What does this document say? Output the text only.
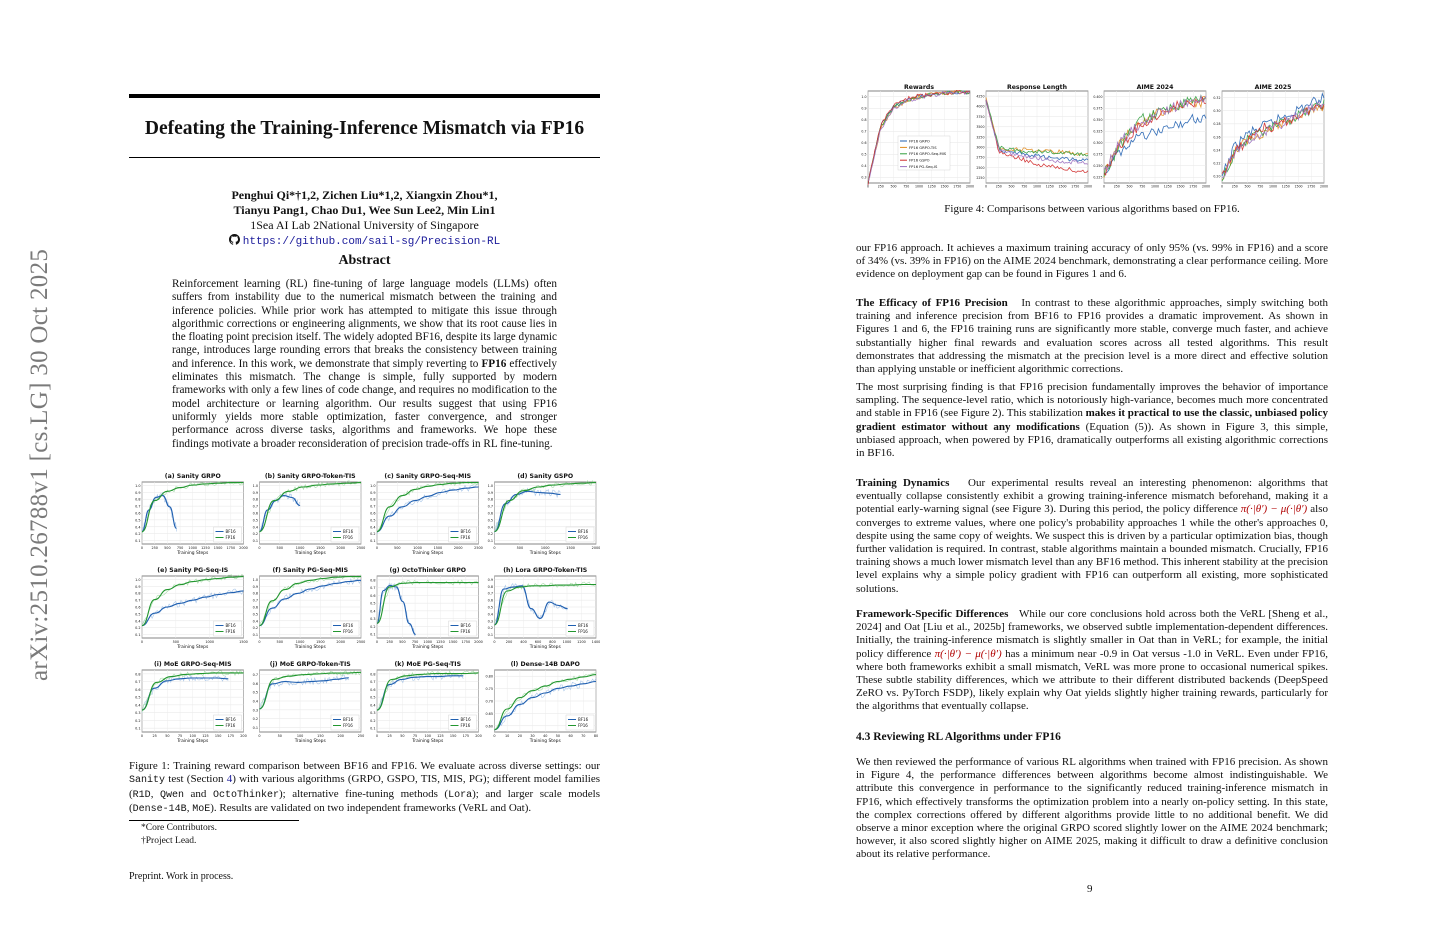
arXiv:2510.26788v1 [cs.LG] 30 Oct 2025
Defeating the Training-Inference Mismatch via FP16
Penghui Qi*†1,2, Zichen Liu*1,2, Xiangxin Zhou*1,
Tianyu Pang1, Chao Du1, Wee Sun Lee2, Min Lin1
1Sea AI Lab 2National University of Singapore
https://github.com/sail-sg/Precision-RL
Abstract
Reinforcement learning (RL) fine-tuning of large language models (LLMs) often suffers from instability due to the numerical mismatch between the training and inference policies. While prior work has attempted to mitigate this issue through algorithmic corrections or engineering alignments, we show that its root cause lies in the floating point precision itself. The widely adopted BF16, despite its large dynamic range, introduces large rounding errors that breaks the consistency between training and inference. In this work, we demonstrate that simply reverting to FP16 effectively eliminates this mismatch. The change is simple, fully supported by modern frameworks with only a few lines of code change, and requires no modification to the model architecture or learning algorithm. Our results suggest that using FP16 uniformly yields more stable optimization, faster convergence, and stronger performance across diverse tasks, algorithms and frameworks. We hope these findings motivate a broader reconsideration of precision trade-offs in RL fine-tuning.
(a) Sanity GRPO
0.1
0.2
0.4
0.5
0.6
0.7
0.8
0.9
1.0
0 250 500 750 1000 1250 1500 1750 2000
Training Steps
BF16
FP16
(b) Sanity GRPO-Token-TIS
0.1
0.2
0.4
0.5
0.6
0.7
0.8
0.9
1.0
0	500	1000	1500	2000	2500
Training Steps
BF16
FP16
(c) Sanity GRPO-Seq-MIS
0.1
0.2
0.4
0.5
0.6
0.7
0.8
0.9
1.0
0	500	1000	1500	2000	2500
Training Steps
BF16
FP16
(d) Sanity GSPO
0.1
0.2
0.4
0.5
0.6
0.7
0.8
0.9
1.0
0	500	1000	1500	2000
Training Steps
BF16
FP16
(e) Sanity PG-Seq-IS
0.1
0.2
0.4
0.5
0.6
0.7
0.8
0.9
1.0
0	500	1000	1500
Training Steps
BF16
FP16
(f) Sanity PG-Seq-MIS
0.1
0.2
0.4
0.5
0.6
0.7
0.8
0.9
1.0
0	500	1000	1500	2000	2500
Training Steps
BF16
FP16
(g) OctoThinker GRPO
0.1
0.2
0.3
0.4
0.5
0.6
0.7
0.8
0 250 500 750 1000 1250 1500 1750 2000
Training Steps
BF16
FP16
(h) Lora GRPO-Token-TIS
0.1
0.2
0.3
0.4
0.5
0.6
0.7
0.8
0.9
0	200 400 600 800 1000 1200 1400
Training Steps
BF16
FP16
(i) MoE GRPO-Seq-MIS
0.1
0.2
0.3
0.4
0.5
0.6
0.7
0.8
0	25 50 75 100 125 150 175 200
Training Steps
BF16
FP16
(j) MoE GRPO-Token-TIS
0.1
0.2
0.3
0.4
0.5
0.6
0.7
0	50	100	150	200	250
Training Steps
BF16
FP16
(k) MoE PG-Seq-TIS
0.1
0.2
0.3
0.4
0.5
0.6
0.7
0.8
0	25 50 75 100 125 150 175 200
Training Steps
BF16
FP16
(l) Dense-14B DAPO
0.60
0.65
0.70
0.75
0.80
0	10 20 30 40 50 60 70 80
Training Steps
BF16
FP16
Figure 1: Training reward comparison between BF16 and FP16. We evaluate across diverse settings: our Sanity test (Section 4) with various algorithms (GRPO, GSPO, TIS, MIS, PG); different model families (R1D, Qwen and OctoThinker); alternative fine-tuning methods (Lora); and larger scale models (Dense-14B, MoE). Results are validated on two independent frameworks (VeRL and Oat).
*Core Contributors.
†Project Lead.
Preprint. Work in process.
Rewards
0.3
0.4
0.5
0.6
0.7
0.8
0.9
1.0
0	250 500 750 1000 1250 1500 1750 2000
FP16 GRPO
FP16 GRPO-TIS
FP16 GRPO-Seq-MIS
FP16 GSPO
FP16 PG-Seq-IS
Response Length
2250
2500
2750
3000
3250
3500
3750
4000
4250
0	250 500 750 1000 1250 1500 1750 2000
AIME 2024
0.225
0.250
0.275
0.300
0.325
0.350
0.375
0.400
0	250 500 750 1000 1250 1500 1750 2000
AIME 2025
0.20
0.22
0.24
0.26
0.28
0.30
0.32
0	250 500 750 1000 1250 1500 1750 2000
Figure 4: Comparisons between various algorithms based on FP16.
our FP16 approach. It achieves a maximum training accuracy of only 95% (vs. 99% in FP16) and a score of 34% (vs. 39% in FP16) on the AIME 2024 benchmark, demonstrating a clear performance ceiling. More evidence on deployment gap can be found in Figures 1 and 6.
The Efficacy of FP16 Precision In contrast to these algorithmic approaches, simply switching both training and inference precision from BF16 to FP16 provides a dramatic improvement. As shown in Figures 1 and 6, the FP16 training runs are significantly more stable, converge much faster, and achieve substantially higher final rewards and evaluation scores across all tested algorithms. This result demonstrates that addressing the mismatch at the precision level is a more direct and effective solution than applying unstable or inefficient algorithmic corrections.
The most surprising finding is that FP16 precision fundamentally improves the behavior of importance sampling. The sequence-level ratio, which is notoriously high-variance, becomes much more concentrated and stable in FP16 (see Figure 2). This stabilization makes it practical to use the classic, unbiased policy gradient estimator without any modifications (Equation (5)). As shown in Figure 3, this simple, unbiased approach, when powered by FP16, dramatically outperforms all existing algorithmic corrections in BF16.
Training Dynamics Our experimental results reveal an interesting phenomenon: algorithms that eventually collapse consistently exhibit a growing training-inference mismatch beforehand, making it a potential early-warning signal (see Figure 3). During this period, the policy difference π(·|θ′) − μ(·|θ′) also converges to extreme values, where one policy's probability approaches 1 while the other's approaches 0, despite using the same copy of weights. We suspect this is driven by a particular optimization bias, though further validation is required. In contrast, stable algorithms maintain a bounded mismatch. Crucially, FP16 training shows a much lower mismatch level than any BF16 method. This inherent stability at the precision level explains why a simple policy gradient with FP16 can outperform all existing, more sophisticated solutions.
Framework-Specific Differences While our core conclusions hold across both the VeRL [Sheng et al., 2024] and Oat [Liu et al., 2025b] frameworks, we observed subtle implementation-dependent differences. Initially, the training-inference mismatch is slightly smaller in Oat than in VeRL; for example, the initial policy difference π(·|θ′) − μ(·|θ′) has a minimum near -0.9 in Oat versus -1.0 in VeRL. Even under FP16, where both frameworks exhibit a small mismatch, VeRL was more prone to occasional numerical spikes. These subtle stability differences, which we attribute to their different distributed backends (DeepSpeed ZeRO vs. PyTorch FSDP), likely explain why Oat yields slightly higher training rewards, particularly for the algorithms that eventually collapse.
4.3 Reviewing RL Algorithms under FP16
We then reviewed the performance of various RL algorithms when trained with FP16 precision. As shown in Figure 4, the performance differences between algorithms become almost indistinguishable. We attribute this convergence in performance to the significantly reduced training-inference mismatch in FP16, which effectively transforms the optimization problem into a nearly on-policy setting. In this state, the complex corrections offered by different algorithms provide little to no additional benefit. We did observe a minor exception where the original GRPO scored slightly lower on the AIME 2024 benchmark; however, it also scored slightly higher on AIME 2025, making it difficult to draw a definitive conclusion about its relative performance.
9
